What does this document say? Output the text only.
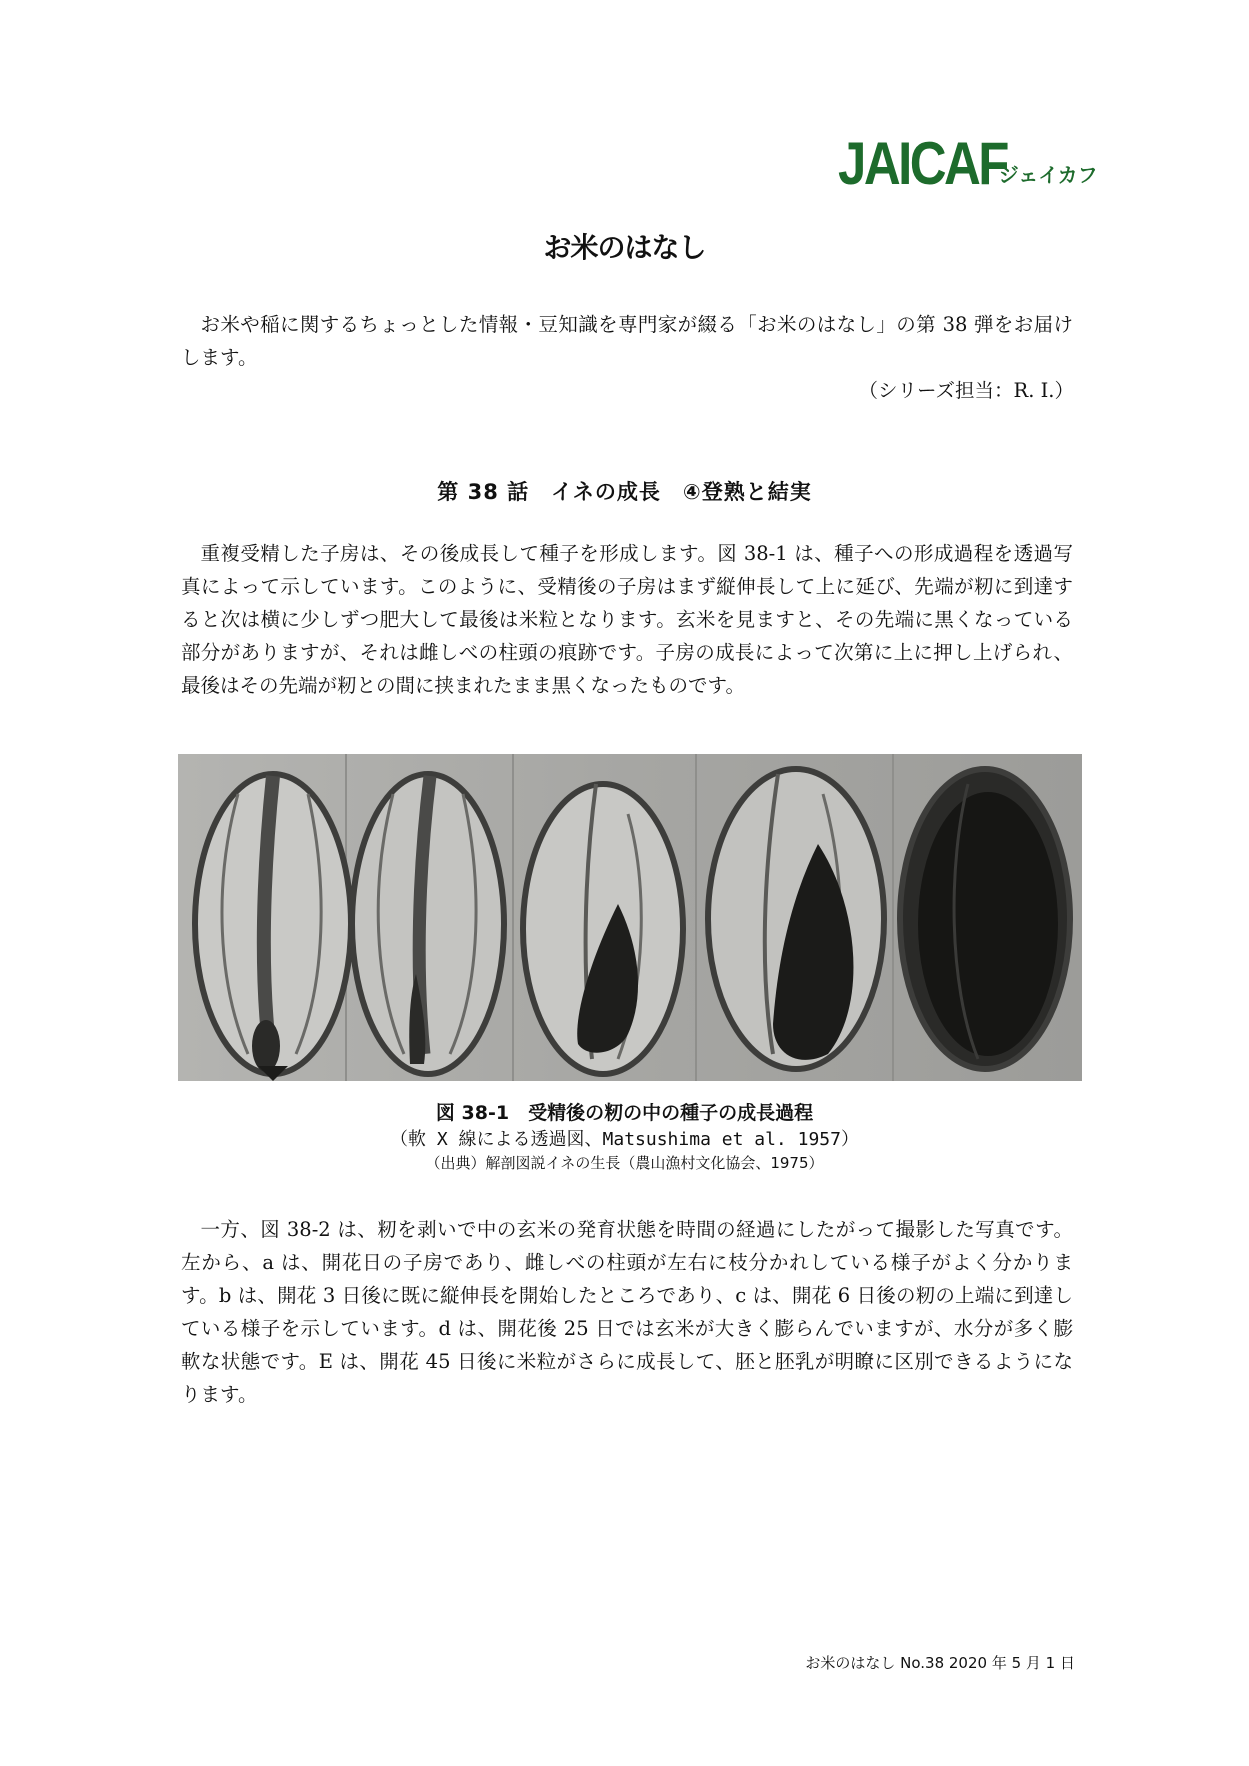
JAICAF
ジェイカフ
お米のはなし

お米や稲に関するちょっとした情報・豆知識を専門家が綴る「お米のはなし」の第 38 弾をお届けします。

（シリーズ担当：R. I.）
第 38 話　イネの成長　④登熟と結実

重複受精した子房は、その後成長して種子を形成します。図 38-1 は、種子への形成過程を透過写真によって示しています。このように、受精後の子房はまず縦伸長して上に延び、先端が籾に到達すると次は横に少しずつ肥大して最後は米粒となります。玄米を見ますと、その先端に黒くなっている部分がありますが、それは雌しべの柱頭の痕跡です。子房の成長によって次第に上に押し上げられ、最後はその先端が籾との間に挟まれたまま黒くなったものです。

図 38-1　受精後の籾の中の種子の成長過程

（軟 X 線による透過図、Matsushima et al. 1957）

（出典）解剖図説イネの生長（農山漁村文化協会、1975）

一方、図 38-2 は、籾を剥いで中の玄米の発育状態を時間の経過にしたがって撮影した写真です。左から、a は、開花日の子房であり、雌しべの柱頭が左右に枝分かれしている様子がよく分かります。b は、開花 3 日後に既に縦伸長を開始したところであり、c は、開花 6 日後の籾の上端に到達している様子を示しています。d は、開花後 25 日では玄米が大きく膨らんでいますが、水分が多く膨軟な状態です。E は、開花 45 日後に米粒がさらに成長して、胚と胚乳が明瞭に区別できるようになります。

お米のはなし No.38 2020 年 5 月 1 日
